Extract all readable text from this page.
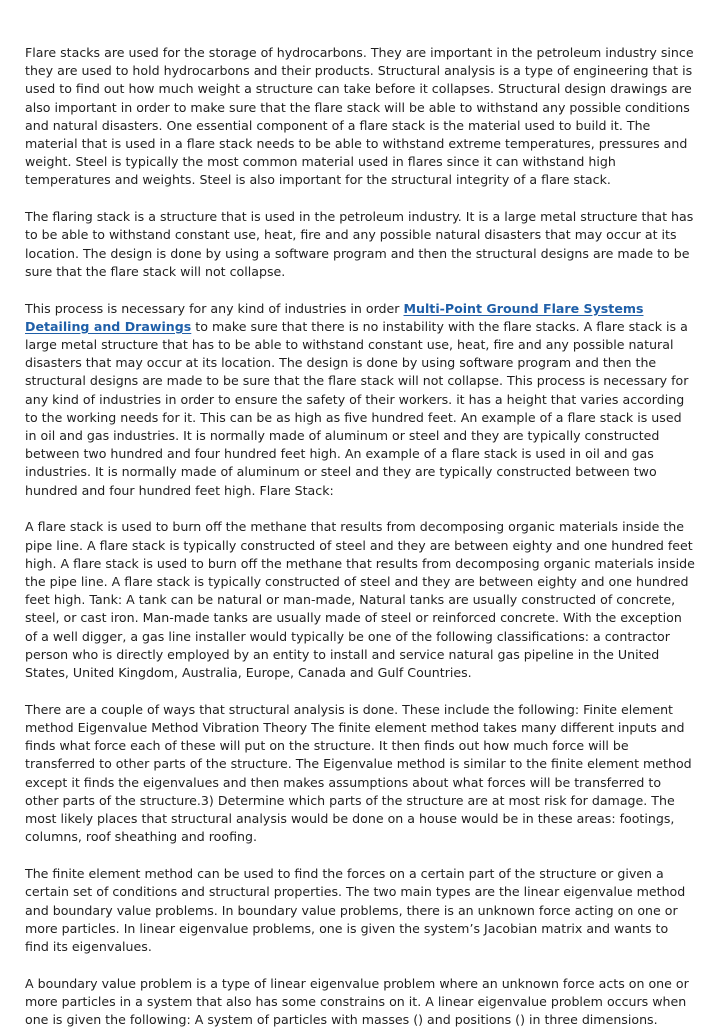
Flare stacks are used for the storage of hydrocarbons. They are important in the petroleum industry since they are used to hold hydrocarbons and their products. Structural analysis is a type of engineering that is used to find out how much weight a structure can take before it collapses. Structural design drawings are also important in order to make sure that the flare stack will be able to withstand any possible conditions and natural disasters. One essential component of a flare stack is the material used to build it. The material that is used in a flare stack needs to be able to withstand extreme temperatures, pressures and weight. Steel is typically the most common material used in flares since it can withstand high temperatures and weights. Steel is also important for the structural integrity of a flare stack.

The flaring stack is a structure that is used in the petroleum industry. It is a large metal structure that has to be able to withstand constant use, heat, fire and any possible natural disasters that may occur at its location. The design is done by using a software program and then the structural designs are made to be sure that the flare stack will not collapse.

This process is necessary for any kind of industries in order Multi-Point Ground Flare Systems Detailing and Drawings to make sure that there is no instability with the flare stacks. A flare stack is a large metal structure that has to be able to withstand constant use, heat, fire and any possible natural disasters that may occur at its location. The design is done by using software program and then the structural designs are made to be sure that the flare stack will not collapse. This process is necessary for any kind of industries in order to ensure the safety of their workers. it has a height that varies according to the working needs for it. This can be as high as five hundred feet. An example of a flare stack is used in oil and gas industries. It is normally made of aluminum or steel and they are typically constructed between two hundred and four hundred feet high. An example of a flare stack is used in oil and gas industries. It is normally made of aluminum or steel and they are typically constructed between two hundred and four hundred feet high. Flare Stack:

A flare stack is used to burn off the methane that results from decomposing organic materials inside the pipe line. A flare stack is typically constructed of steel and they are between eighty and one hundred feet high. A flare stack is used to burn off the methane that results from decomposing organic materials inside the pipe line. A flare stack is typically constructed of steel and they are between eighty and one hundred feet high. Tank: A tank can be natural or man-made, Natural tanks are usually constructed of concrete, steel, or cast iron. Man-made tanks are usually made of steel or reinforced concrete. With the exception of a well digger, a gas line installer would typically be one of the following classifications: a contractor person who is directly employed by an entity to install and service natural gas pipeline in the United States, United Kingdom, Australia, Europe, Canada and Gulf Countries.

There are a couple of ways that structural analysis is done. These include the following: Finite element method Eigenvalue Method Vibration Theory The finite element method takes many different inputs and finds what force each of these will put on the structure. It then finds out how much force will be transferred to other parts of the structure. The Eigenvalue method is similar to the finite element method except it finds the eigenvalues and then makes assumptions about what forces will be transferred to other parts of the structure.3) Determine which parts of the structure are at most risk for damage. The most likely places that structural analysis would be done on a house would be in these areas: footings, columns, roof sheathing and roofing.

The finite element method can be used to find the forces on a certain part of the structure or given a certain set of conditions and structural properties. The two main types are the linear eigenvalue method and boundary value problems. In boundary value problems, there is an unknown force acting on one or more particles. In linear eigenvalue problems, one is given the system’s Jacobian matrix and wants to find its eigenvalues.

A boundary value problem is a type of linear eigenvalue problem where an unknown force acts on one or more particles in a system that also has some constrains on it. A linear eigenvalue problem occurs when one is given the following: A system of particles with masses () and positions () in three dimensions.
